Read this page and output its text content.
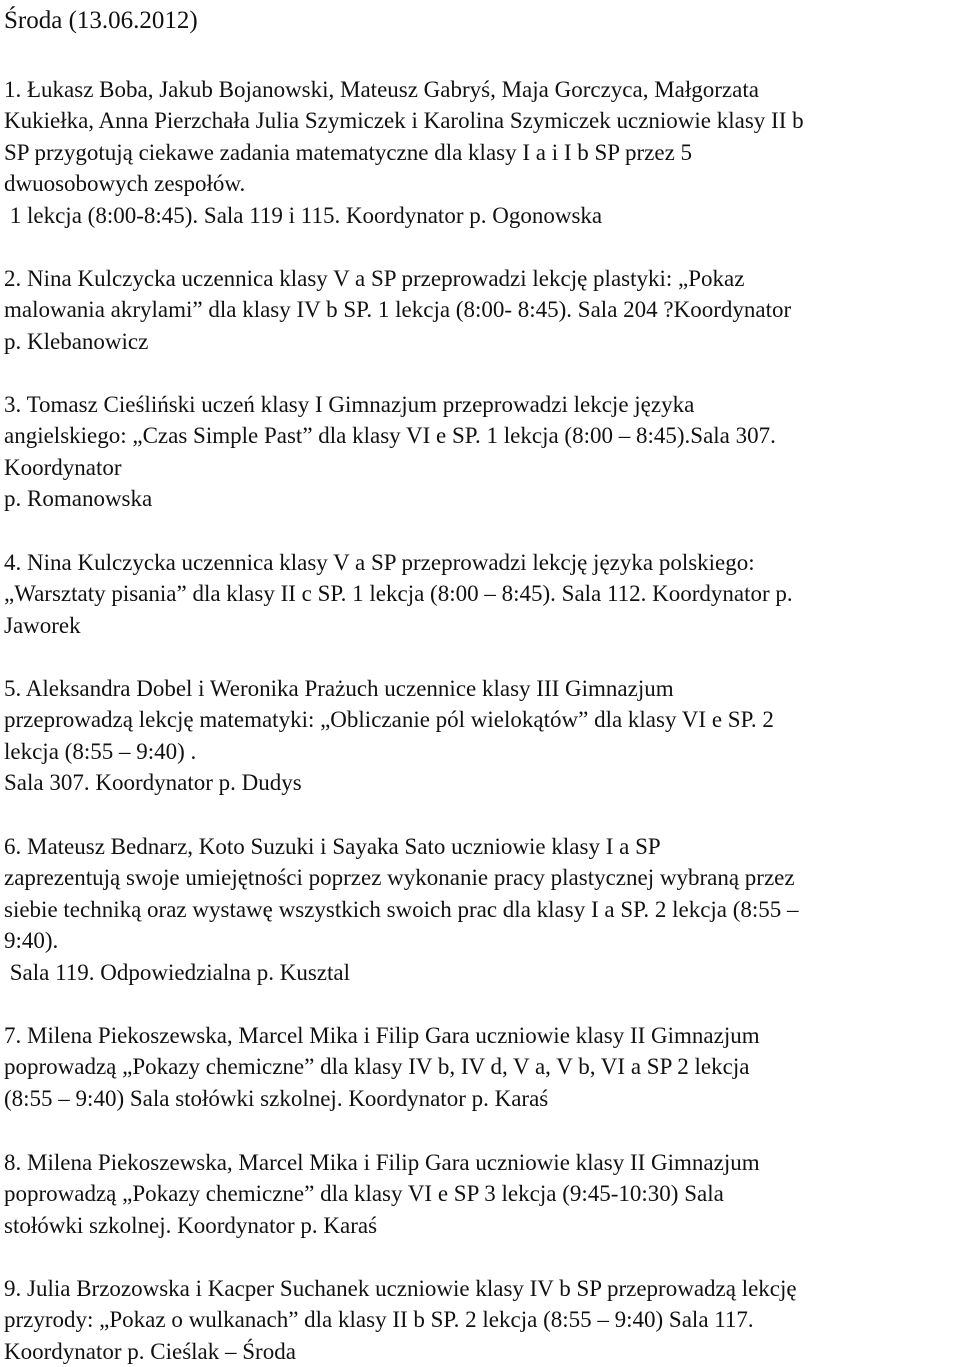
Środa (13.06.2012)
1. Łukasz Boba, Jakub Bojanowski, Mateusz Gabryś, Maja Gorczyca, Małgorzata
Kukiełka, Anna Pierzchała Julia Szymiczek i Karolina Szymiczek uczniowie klasy II b
SP przygotują ciekawe zadania matematyczne dla klasy I a i I b SP przez 5
dwuosobowych zespołów.
1 lekcja (8:00-8:45). Sala 119 i 115. Koordynator p. Ogonowska
2. Nina Kulczycka uczennica klasy V a SP przeprowadzi lekcję plastyki: „Pokaz
malowania akrylami” dla klasy IV b SP. 1 lekcja (8:00- 8:45). Sala 204 ?Koordynator
p. Klebanowicz
3. Tomasz Cieśliński uczeń klasy I Gimnazjum przeprowadzi lekcje języka
angielskiego: „Czas Simple Past” dla klasy VI e SP. 1 lekcja (8:00 – 8:45).Sala 307.
Koordynator
p. Romanowska
4. Nina Kulczycka uczennica klasy V a SP przeprowadzi lekcję języka polskiego:
„Warsztaty pisania” dla klasy II c SP. 1 lekcja (8:00 – 8:45). Sala 112. Koordynator p.
Jaworek
5. Aleksandra Dobel i Weronika Prażuch uczennice klasy III Gimnazjum
przeprowadzą lekcję matematyki: „Obliczanie pól wielokątów” dla klasy VI e SP. 2
lekcja (8:55 – 9:40) .
Sala 307. Koordynator p. Dudys
6. Mateusz Bednarz, Koto Suzuki i Sayaka Sato uczniowie klasy I a SP
zaprezentują swoje umiejętności poprzez wykonanie pracy plastycznej wybraną przez
siebie techniką oraz wystawę wszystkich swoich prac dla klasy I a SP. 2 lekcja (8:55 –
9:40).
Sala 119. Odpowiedzialna p. Kusztal
7. Milena Piekoszewska, Marcel Mika i Filip Gara uczniowie klasy II Gimnazjum
poprowadzą „Pokazy chemiczne” dla klasy IV b, IV d, V a, V b, VI a SP 2 lekcja
(8:55 – 9:40) Sala stołówki szkolnej. Koordynator p. Karaś
8. Milena Piekoszewska, Marcel Mika i Filip Gara uczniowie klasy II Gimnazjum
poprowadzą „Pokazy chemiczne” dla klasy VI e SP 3 lekcja (9:45-10:30) Sala
stołówki szkolnej. Koordynator p. Karaś
9. Julia Brzozowska i Kacper Suchanek uczniowie klasy IV b SP przeprowadzą lekcję
przyrody: „Pokaz o wulkanach” dla klasy II b SP. 2 lekcja (8:55 – 9:40) Sala 117.
Koordynator p. Cieślak – Środa
